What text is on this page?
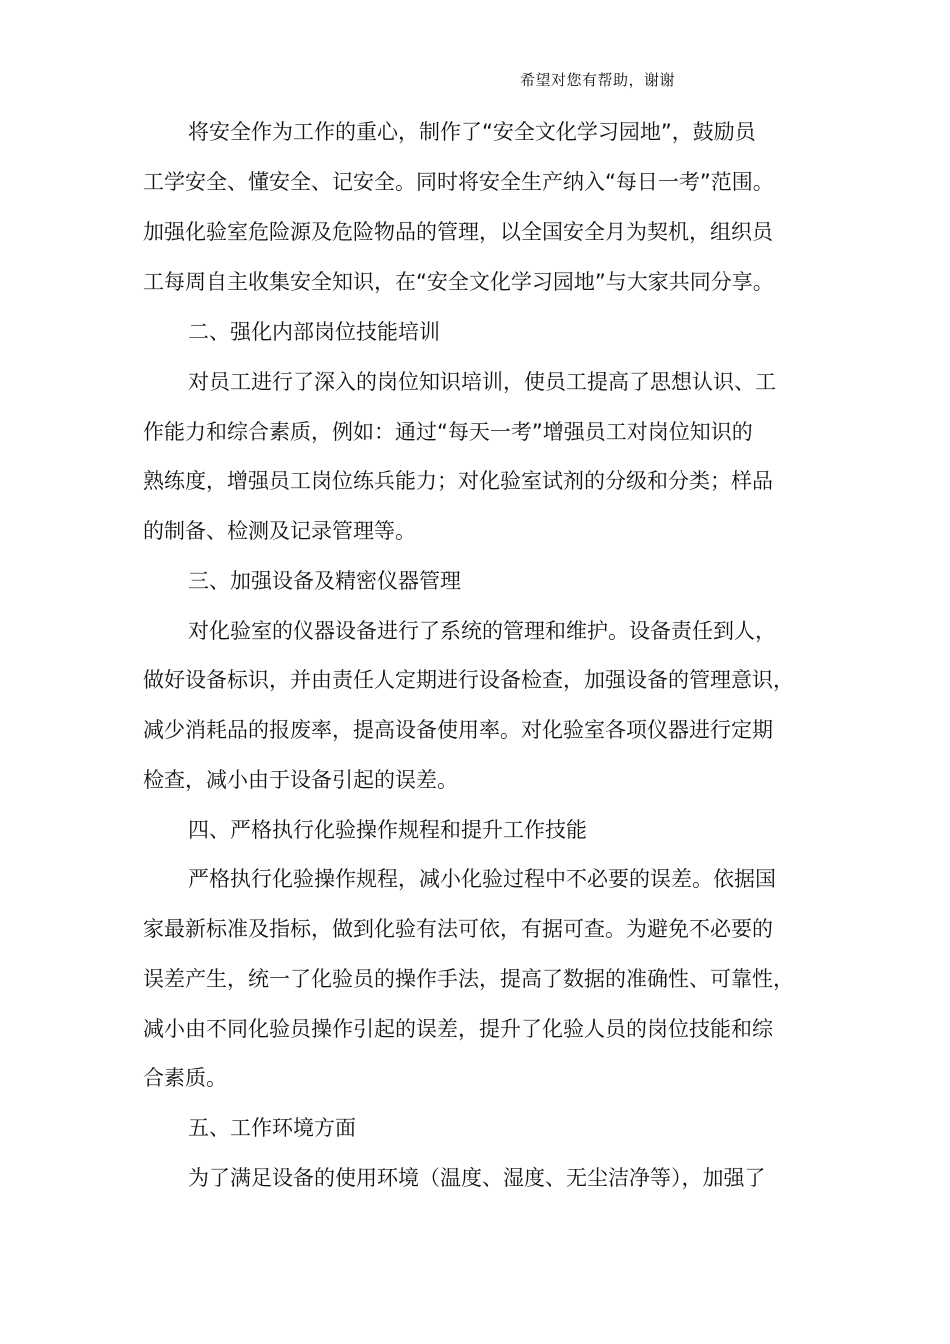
希望对您有帮助，谢谢
将安全作为工作的重心，制作了“安全文化学习园地”，鼓励员
工学安全、懂安全、记安全。同时将安全生产纳入“每日一考”范围。
加强化验室危险源及危险物品的管理，以全国安全月为契机，组织员
工每周自主收集安全知识，在“安全文化学习园地”与大家共同分享。
二、强化内部岗位技能培训
对员工进行了深入的岗位知识培训，使员工提高了思想认识、工
作能力和综合素质，例如：通过“每天一考”增强员工对岗位知识的
熟练度，增强员工岗位练兵能力；对化验室试剂的分级和分类；样品
的制备、检测及记录管理等。
三、加强设备及精密仪器管理
对化验室的仪器设备进行了系统的管理和维护。设备责任到人，
做好设备标识，并由责任人定期进行设备检查，加强设备的管理意识，
减少消耗品的报废率，提高设备使用率。对化验室各项仪器进行定期
检查，减小由于设备引起的误差。
四、严格执行化验操作规程和提升工作技能
严格执行化验操作规程，减小化验过程中不必要的误差。依据国
家最新标准及指标，做到化验有法可依，有据可查。为避免不必要的
误差产生，统一了化验员的操作手法，提高了数据的准确性、可靠性，
减小由不同化验员操作引起的误差，提升了化验人员的岗位技能和综
合素质。
五、工作环境方面
为了满足设备的使用环境（温度、湿度、无尘洁净等），加强了
